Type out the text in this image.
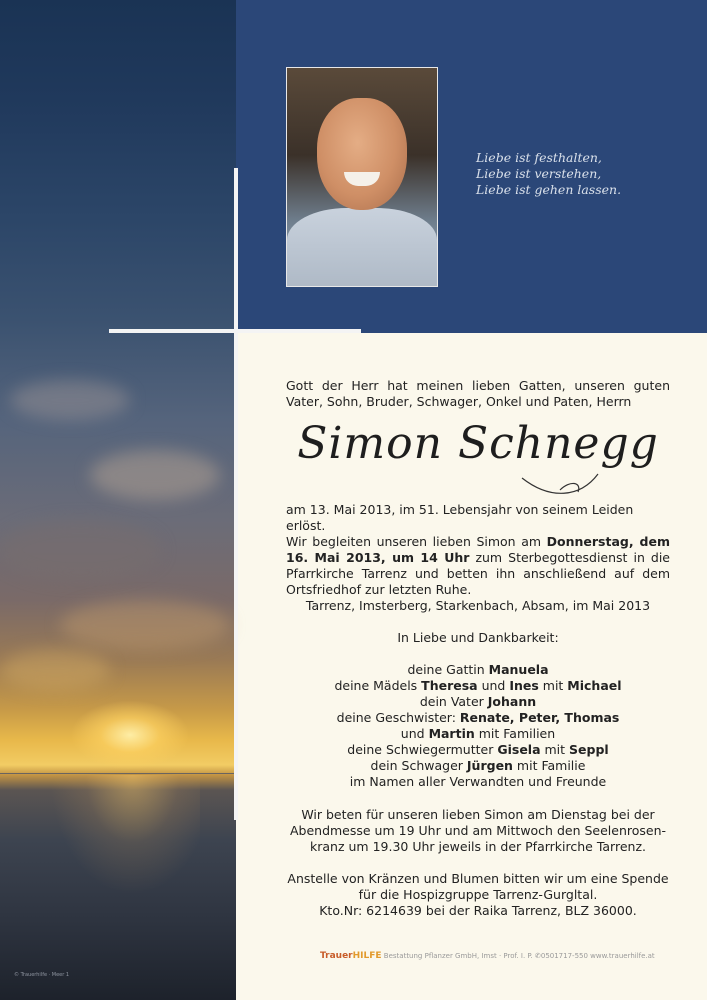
© Trauerhilfe · Meer 1
Liebe ist festhalten,
Liebe ist verstehen,
Liebe ist gehen lassen.
Gott der Herr hat meinen lieben Gatten, unseren guten Vater, Sohn, Bruder, Schwager, Onkel und Paten, Herrn
Simon Schnegg
am 13. Mai 2013, im 51. Lebensjahr von seinem Leiden erlöst.
Wir begleiten unseren lieben Simon am Donnerstag, dem 16. Mai 2013, um 14 Uhr zum Sterbegottesdienst in die Pfarrkirche Tarrenz und betten ihn anschließend auf dem Ortsfriedhof zur letzten Ruhe.
Tarrenz, Imsterberg, Starkenbach, Absam, im Mai 2013
In Liebe und Dankbarkeit:
deine Gattin Manuela
deine Mädels Theresa und Ines mit Michael
dein Vater Johann
deine Geschwister: Renate, Peter, Thomas
und Martin mit Familien
deine Schwiegermutter Gisela mit Seppl
dein Schwager Jürgen mit Familie
im Namen aller Verwandten und Freunde
Wir beten für unseren lieben Simon am Dienstag bei der
Abendmesse um 19 Uhr und am Mittwoch den Seelenrosen-
kranz um 19.30 Uhr jeweils in der Pfarrkirche Tarrenz.
Anstelle von Kränzen und Blumen bitten wir um eine Spende
für die Hospizgruppe Tarrenz-Gurgltal.
Kto.Nr: 6214639 bei der Raika Tarrenz, BLZ 36000.
TrauerHILFE Bestattung Pflanzer GmbH, Imst · Prof. I. P. ✆0501717-550 www.trauerhilfe.at
